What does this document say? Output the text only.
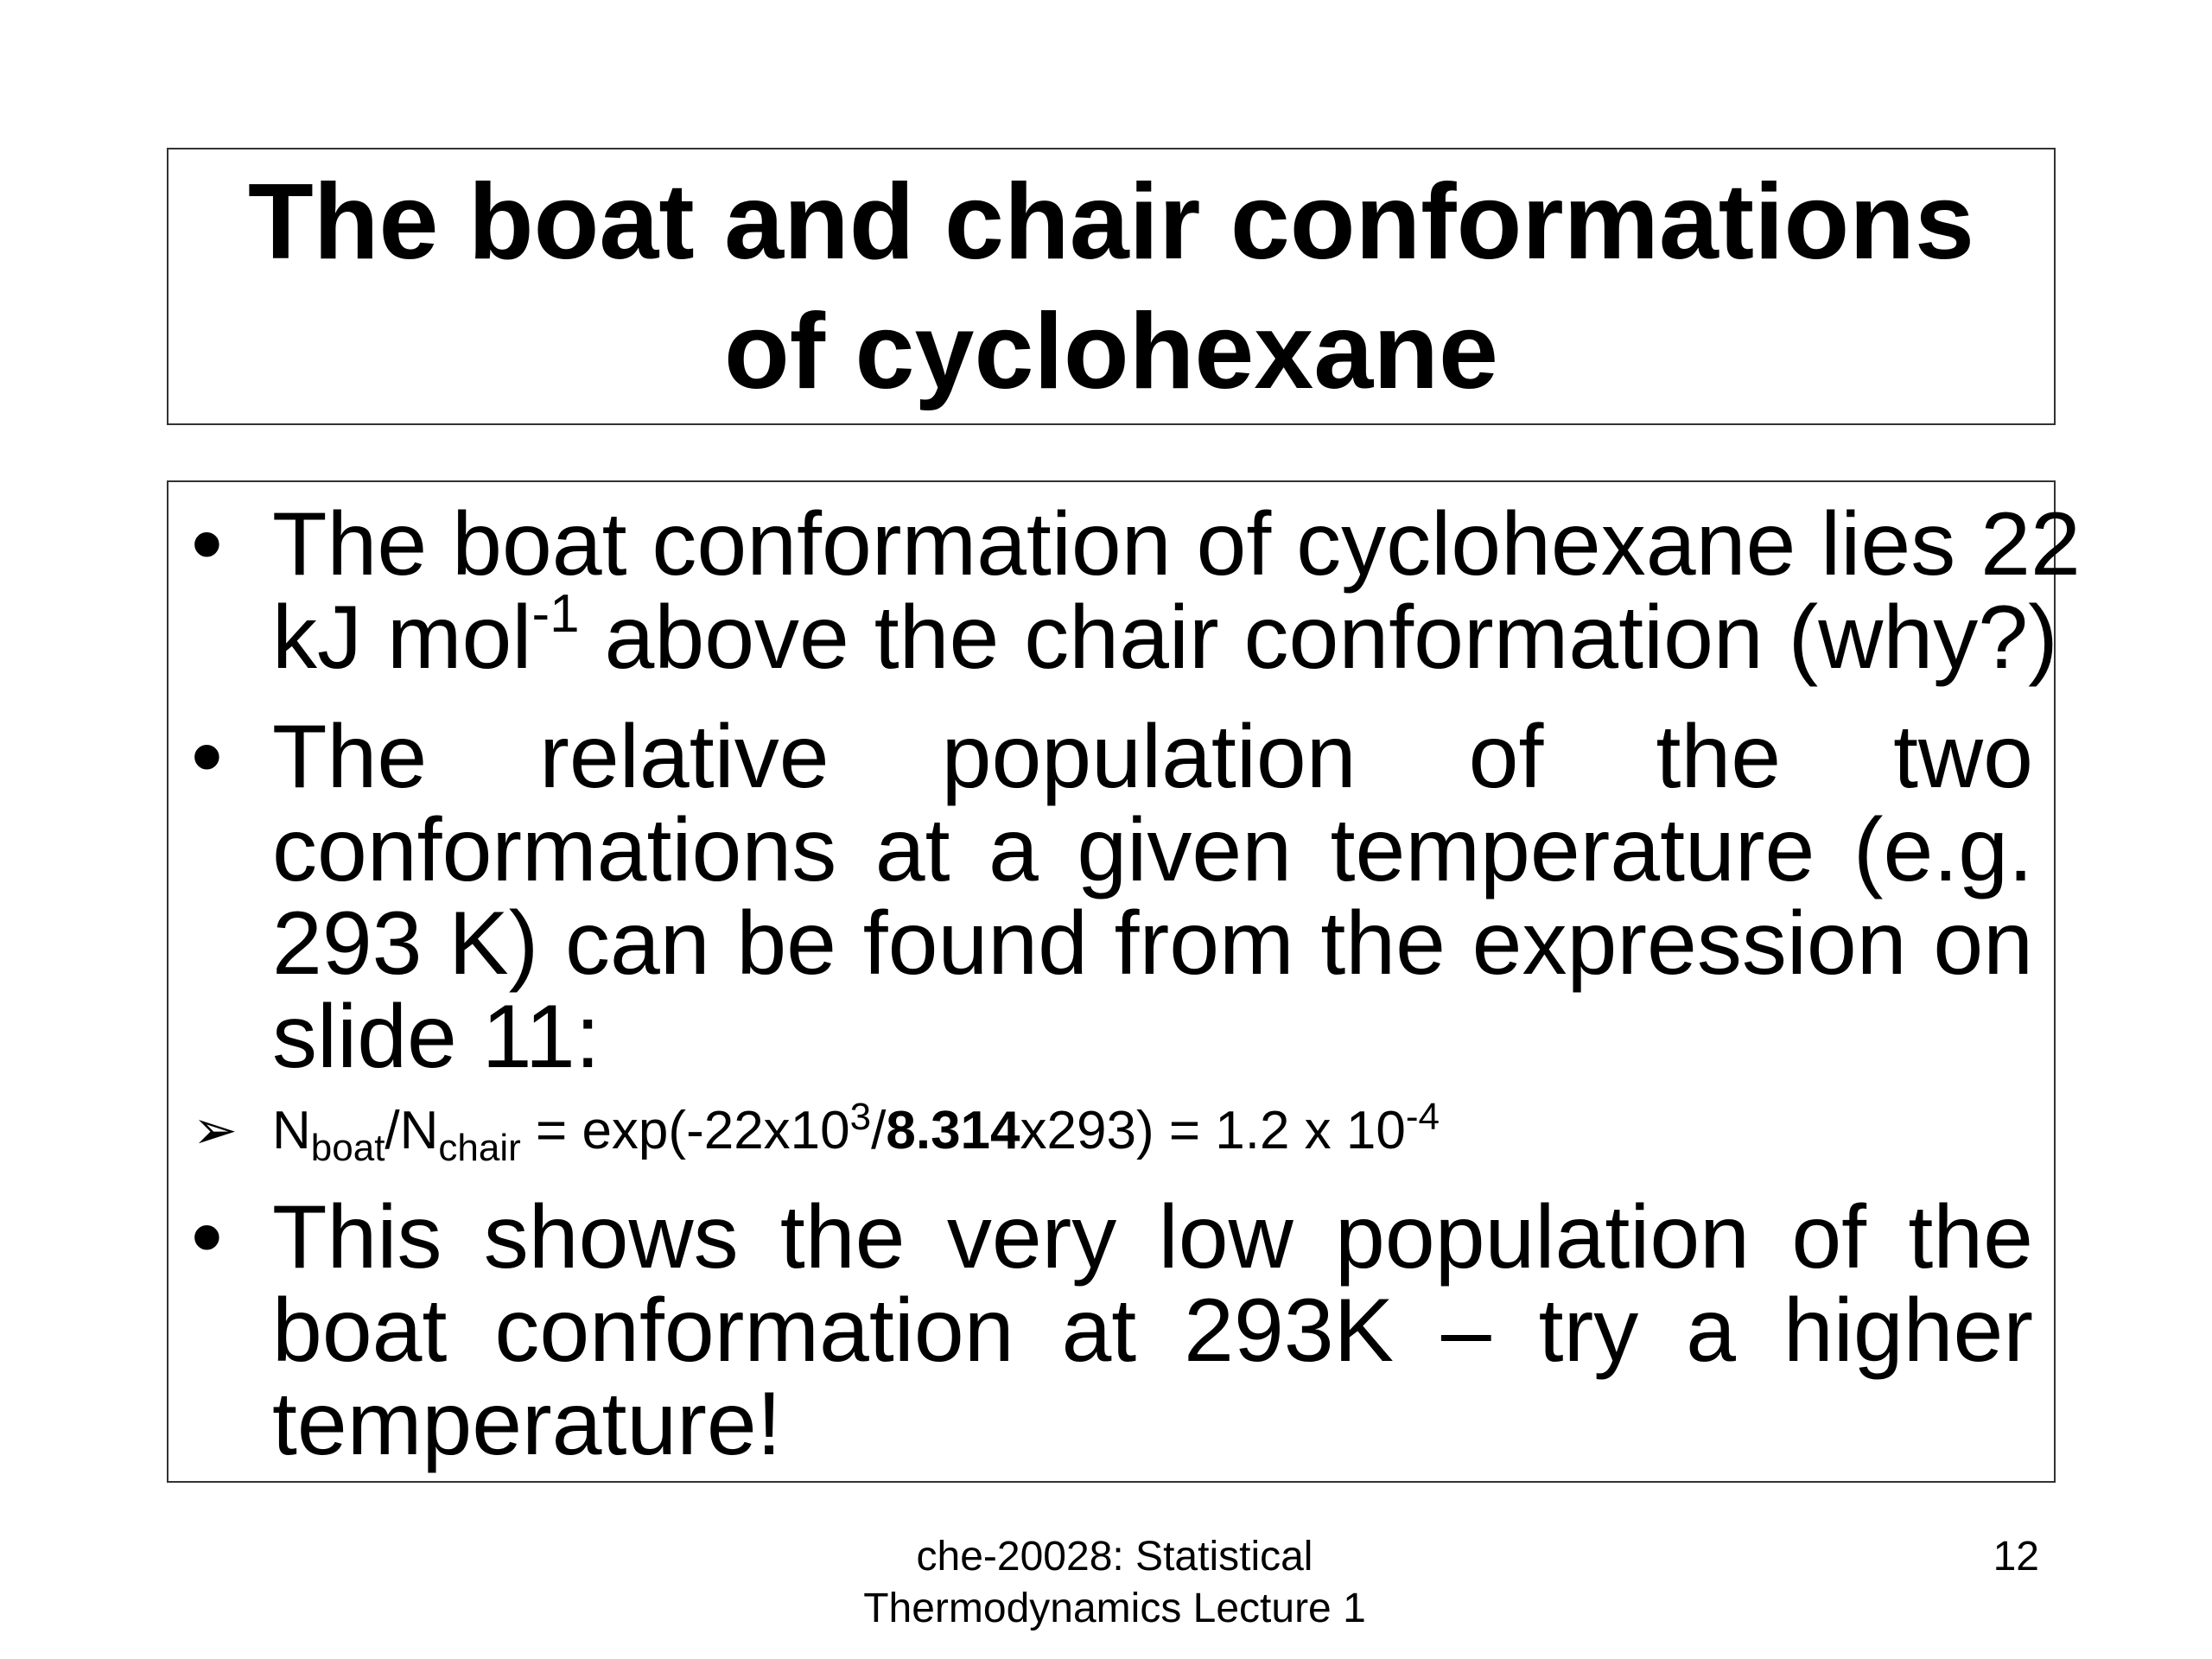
The boat and chair conformations
of cyclohexane
• The boat conformation of cyclohexane lies 22
kJ mol$^{-1}$ above the chair conformation (why?)
• The relative population of the two
conformations at a given temperature (e.g.
293 K) can be found from the expression on
slide 11:
➢ $N_{boat}/N_{chair} = \exp(-22x10^3/8.314x293) = 1.2$ x $10^{-4}$
• This shows the very low population of the
boat conformation at 293K – try a higher
temperature!
che-20028: Statistical
Thermodynamics Lecture 1
12
